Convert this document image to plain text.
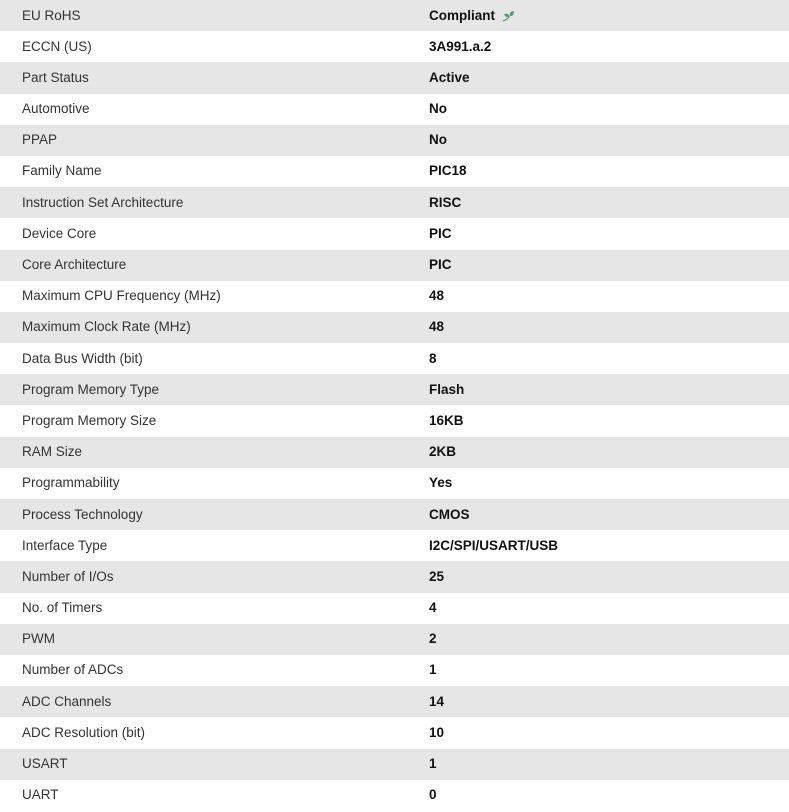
EU RoHS	Compliant

ECCN (US)	3A991.a.2

Part Status	Active

Automotive	No

PPAP	No

Family Name	PIC18

Instruction Set Architecture	RISC

Device Core	PIC

Core Architecture	PIC

Maximum CPU Frequency (MHz)	48

Maximum Clock Rate (MHz)	48

Data Bus Width (bit)	8

Program Memory Type	Flash

Program Memory Size	16KB

RAM Size	2KB

Programmability	Yes

Process Technology	CMOS

Interface Type	I2C/SPI/USART/USB

Number of I/Os	25

No. of Timers	4

PWM	2

Number of ADCs	1

ADC Channels	14

ADC Resolution (bit)	10

USART	1

UART	0
